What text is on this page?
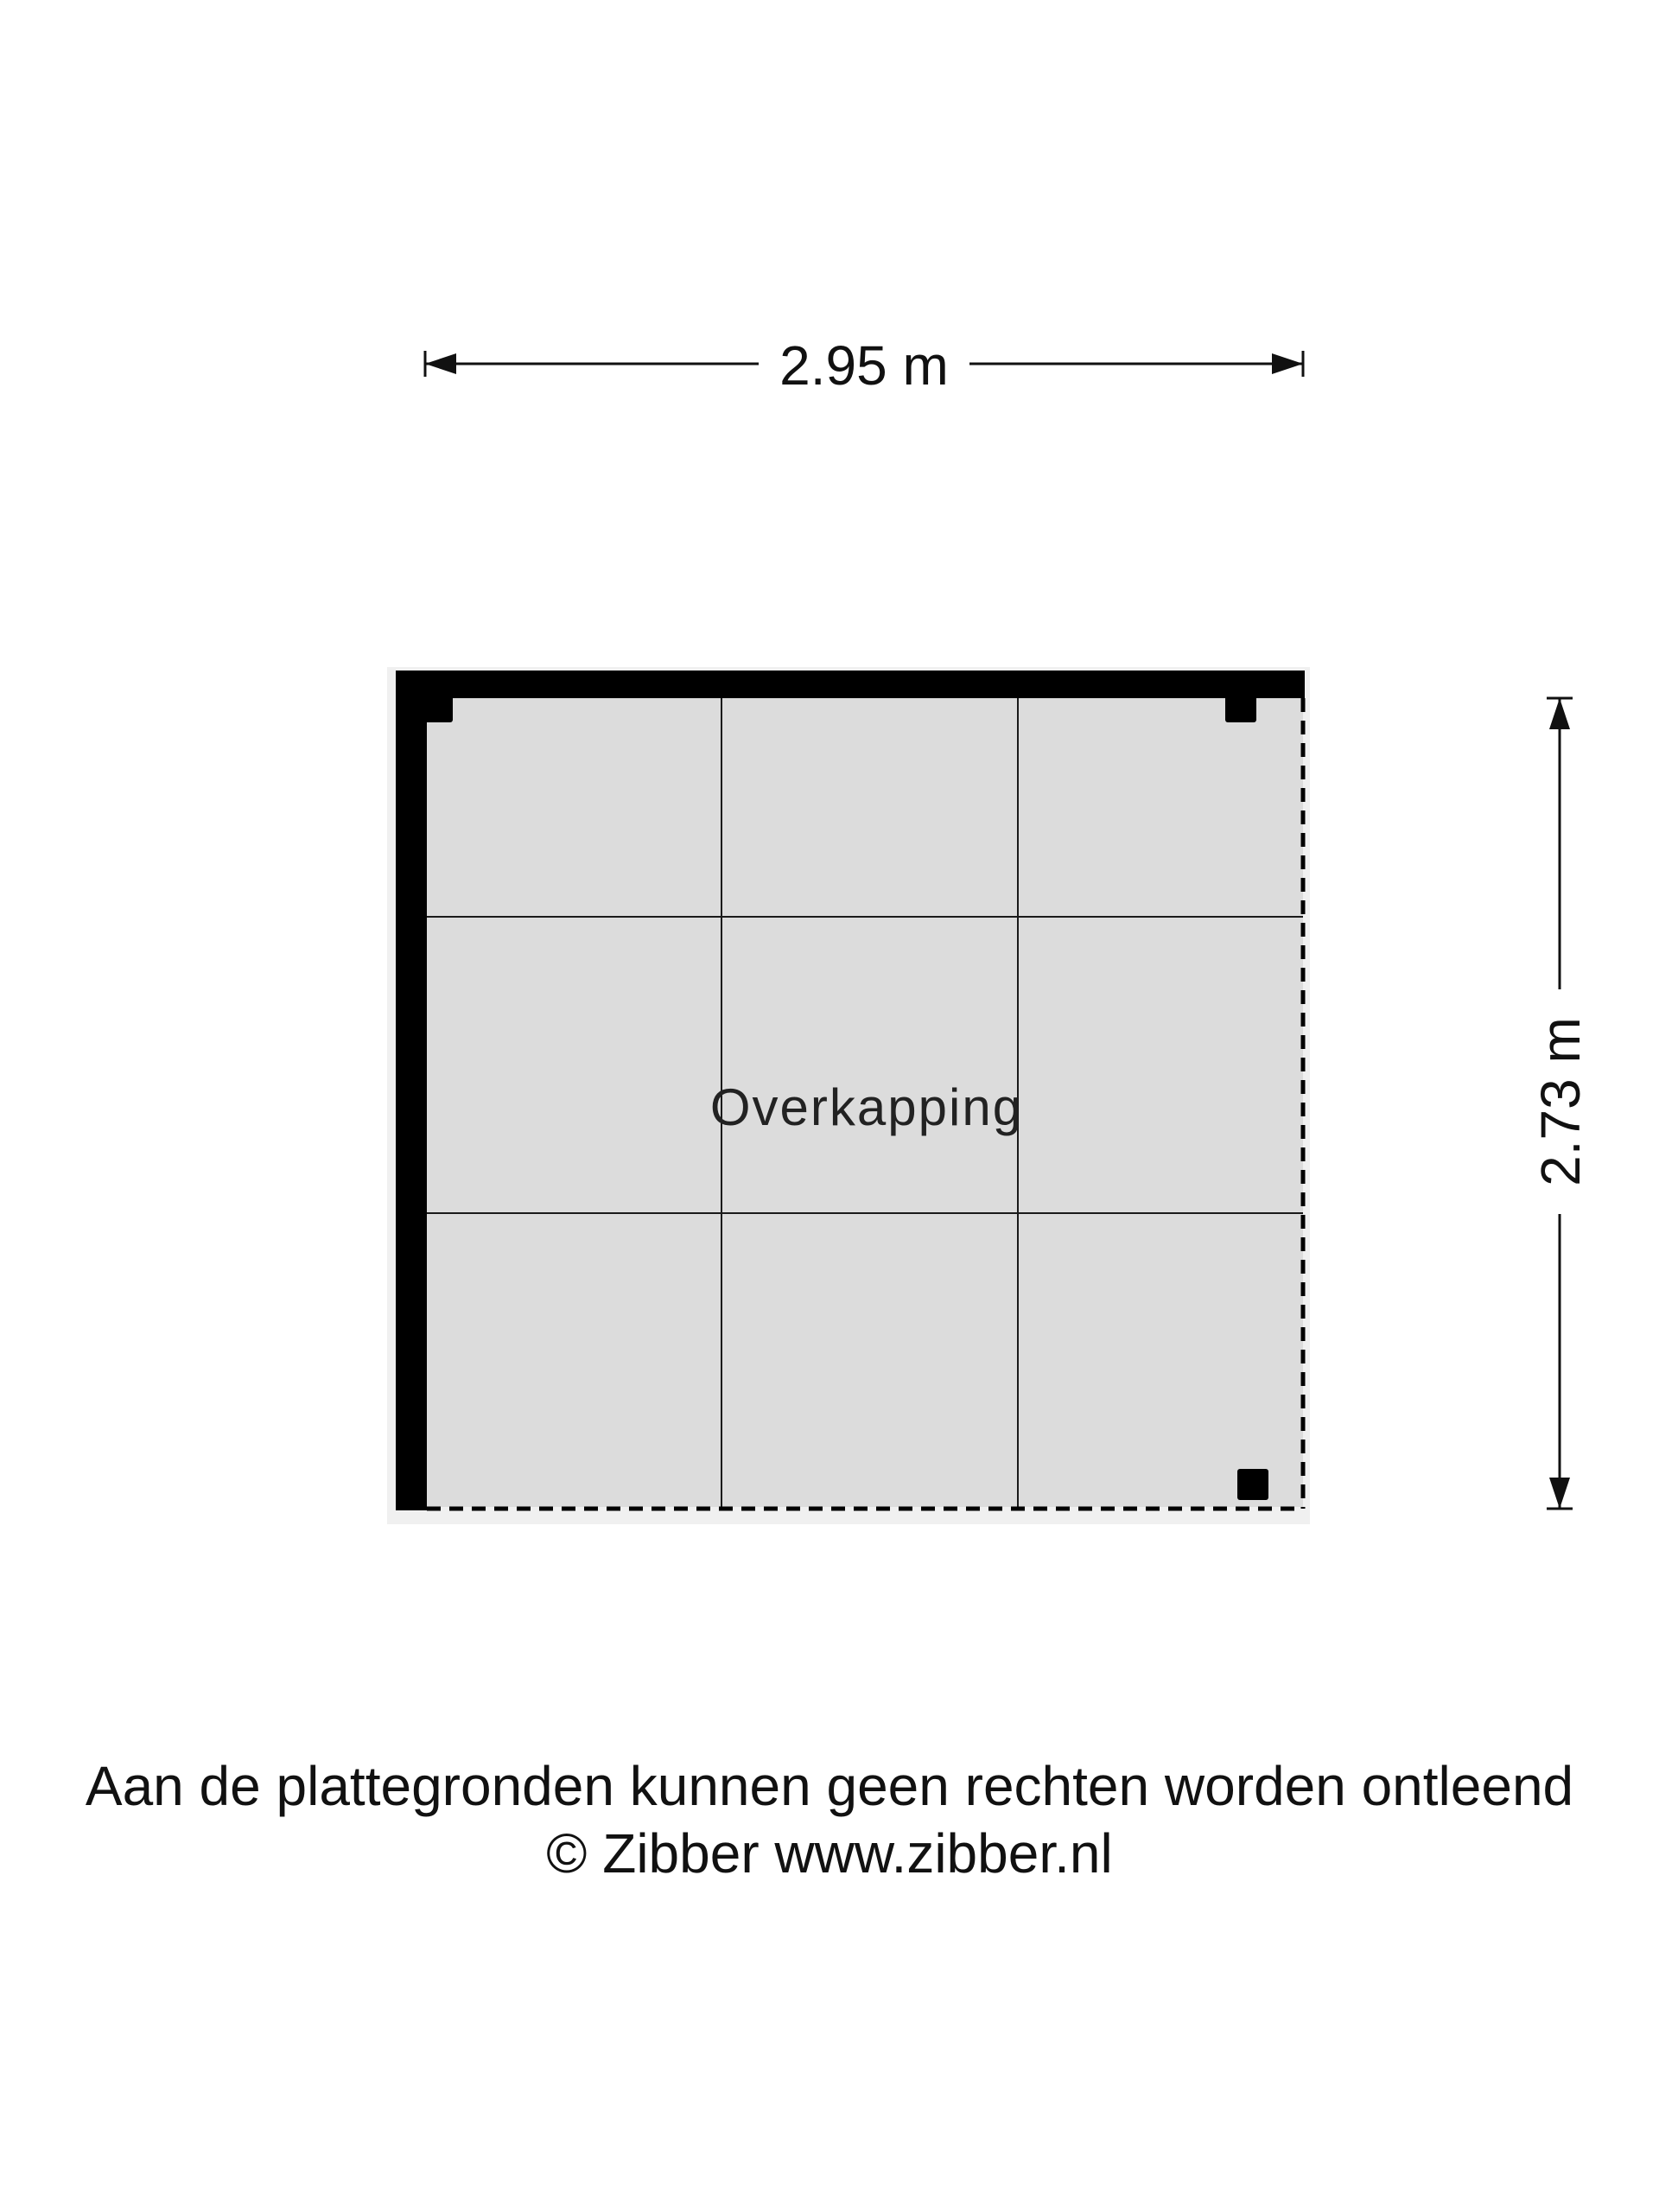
Overkapping
2.95 m
2.73 m
Aan de plattegronden kunnen geen rechten worden ontleend
© Zibber www.zibber.nl
